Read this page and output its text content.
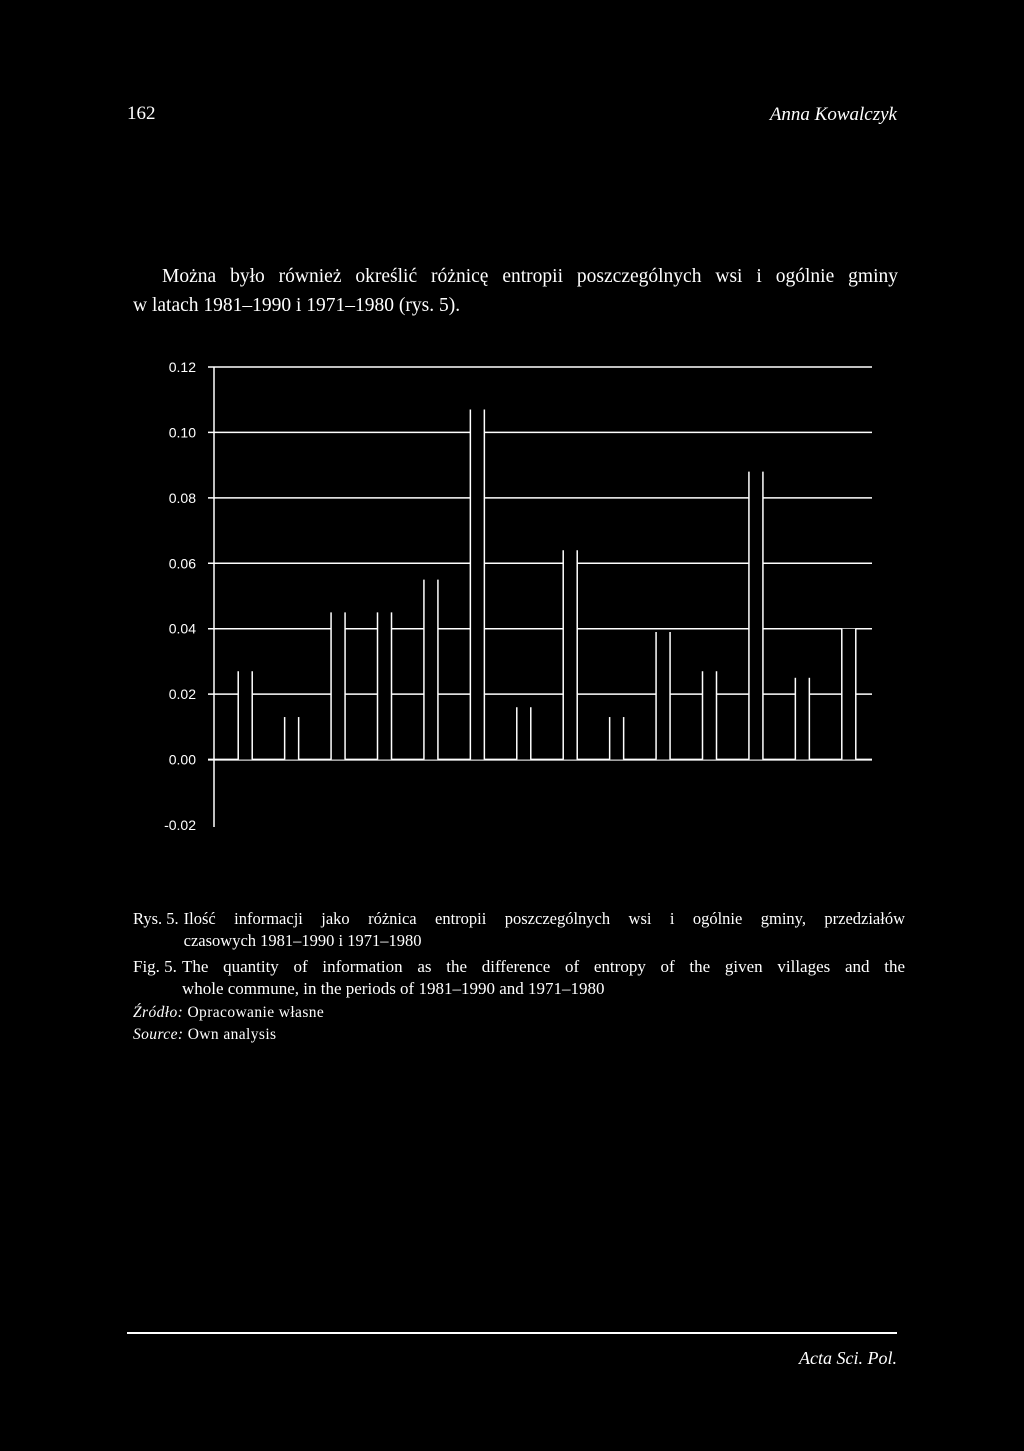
162	Anna Kowalczyk
Można było również określić różnicę entropii poszczególnych wsi i ogólnie gminy
w latach 1981–1990 i 1971–1980 (rys. 5).
0.12
0.10
0.08
0.06
0.04
0.02
0.00
-0.02
Rys. 5. Ilość informacji jako różnica entropii poszczególnych wsi i ogólnie gminy, przedziałów
czasowych 1981–1990 i 1971–1980
Fig. 5. The quantity of information as the difference of entropy of the given villages and the
whole commune, in the periods of 1981–1990 and 1971–1980
Źródło: Opracowanie własne
Source: Own analysis
Acta Sci. Pol.
